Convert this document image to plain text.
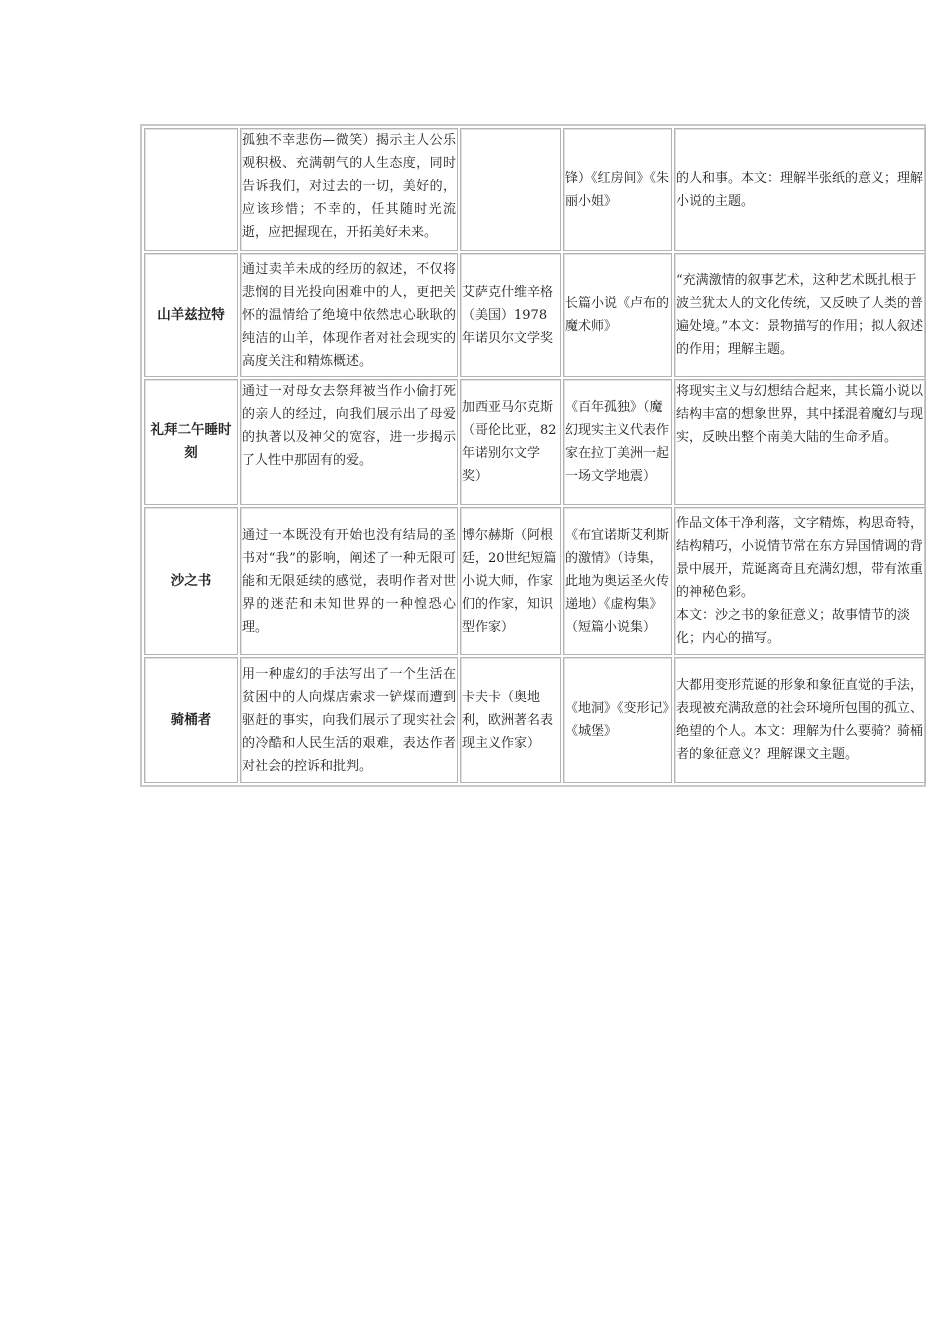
	孤独不幸悲伤—微笑）揭示主人公乐观积极、充满朝气的人生态度，同时告诉我们，对过去的一切，美好的，应该珍惜；不幸的，任其随时光流逝，应把握现在，开拓美好未来。		锋）《红房间》《朱丽小姐》	的人和事。本文：理解半张纸的意义；理解小说的主题。

山羊兹拉特	通过卖羊未成的经历的叙述，不仅将悲悯的目光投向困难中的人，更把关怀的温情给了绝境中依然忠心耿耿的纯洁的山羊，体现作者对社会现实的高度关注和精炼概述。	艾萨克什维辛格（美国）1978年诺贝尔文学奖	长篇小说《卢布的魔术师》	“充满激情的叙事艺术，这种艺术既扎根于波兰犹太人的文化传统，又反映了人类的普遍处境。”本文：景物描写的作用；拟人叙述的作用；理解主题。

礼拜二午睡时刻	通过一对母女去祭拜被当作小偷打死的亲人的经过，向我们展示出了母爱的执著以及神父的宽容，进一步揭示了人性中那固有的爱。	加西亚马尔克斯（哥伦比亚，82年诺别尔文学奖）	《百年孤独》（魔幻现实主义代表作家在拉丁美洲一起一场文学地震）	将现实主义与幻想结合起来，其长篇小说以结构丰富的想象世界，其中揉混着魔幻与现实，反映出整个南美大陆的生命矛盾。

沙之书	通过一本既没有开始也没有结局的圣书对“我”的影响，阐述了一种无限可能和无限延续的感觉，表明作者对世界的迷茫和未知世界的一种惶恐心理。	博尔赫斯（阿根廷，20世纪短篇小说大师，作家们的作家，知识型作家）	《布宜诺斯艾利斯的激情》（诗集，此地为奥运圣火传递地）《虚构集》（短篇小说集）	作品文体干净利落，文字精炼，构思奇特，结构精巧，小说情节常在东方异国情调的背景中展开，荒诞离奇且充满幻想，带有浓重的神秘色彩。
本文：沙之书的象征意义；故事情节的淡化；内心的描写。

骑桶者	用一种虚幻的手法写出了一个生活在贫困中的人向煤店索求一铲煤而遭到驱赶的事实，向我们展示了现实社会的冷酷和人民生活的艰难，表达作者对社会的控诉和批判。	卡夫卡（奥地利，欧洲著名表现主义作家）	《地洞》《变形记》《城堡》	大都用变形荒诞的形象和象征直觉的手法，表现被充满敌意的社会环境所包围的孤立、绝望的个人。本文：理解为什么要骑？骑桶者的象征意义？理解课文主题。
